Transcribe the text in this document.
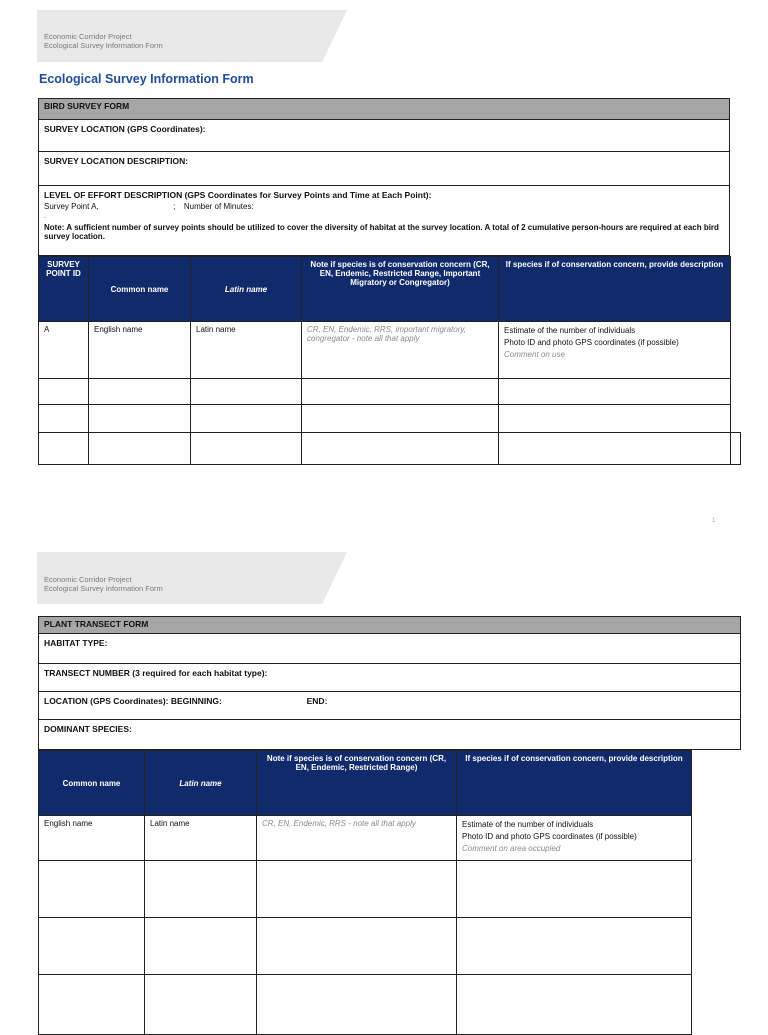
Economic Corridor Project
Ecological Survey Information Form
Ecological Survey Information Form
BIRD SURVEY FORM
SURVEY LOCATION (GPS Coordinates):
SURVEY LOCATION DESCRIPTION:
LEVEL OF EFFORT DESCRIPTION (GPS Coordinates for Survey Points and Time at Each Point):
Survey Point A,	; Number of Minutes:
.
Note: A sufficient number of survey points should be utilized to cover the diversity of habitat at the survey location. A total of 2 cumulative person-hours are required at each bird survey location.
SURVEY POINT ID	Common name	Latin name	Note if species is of conservation concern (CR, EN, Endemic, Restricted Range, Important Migratory or Congregator)	If species if of conservation concern, provide description
A	English name	Latin name	CR, EN, Endemic, RRS, important migratory, congregator - note all that apply	Estimate of the number of individuals
Photo ID and photo GPS coordinates (if possible)
Comment on use

1
Economic Corridor Project
Ecological Survey Information Form
PLANT TRANSECT FORM
HABITAT TYPE:
TRANSECT NUMBER (3 required for each habitat type):
LOCATION (GPS Coordinates): BEGINNING:	END:
DOMINANT SPECIES:
Common name	Latin name	Note if species is of conservation concern (CR, EN, Endemic, Restricted Range)	If species if of conservation concern, provide description
English name	Latin name	CR, EN, Endemic, RRS - note all that apply	Estimate of the number of individuals
Photo ID and photo GPS coordinates (if possible)
Comment on area occupied
